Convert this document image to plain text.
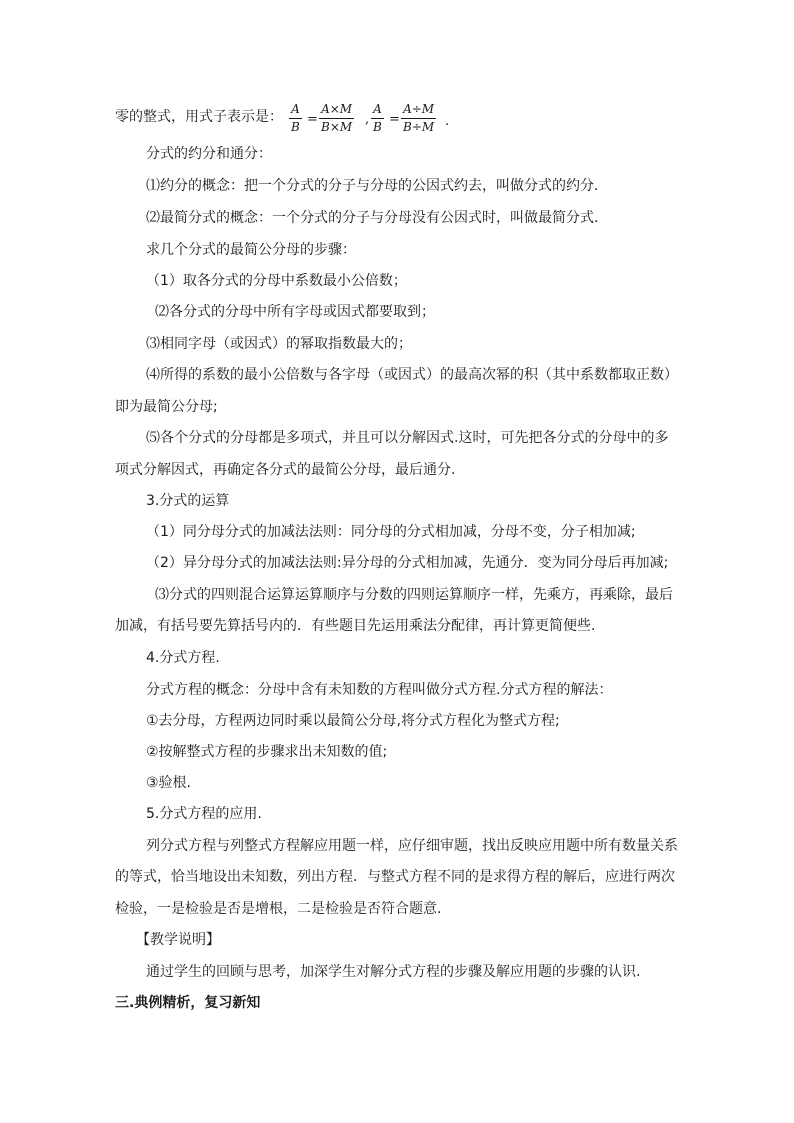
零的整式，用式子表示是： $\frac{A}{B} = \frac{A\times M}{B\times M}$ , $\frac{A}{B} = \frac{A\div M}{B\div M}$ .
分式的约分和通分：
⑴约分的概念：把一个分式的分子与分母的公因式约去，叫做分式的约分．
⑵最简分式的概念：一个分式的分子与分母没有公因式时，叫做最简分式．
求几个分式的最简公分母的步骤：
（1）取各分式的分母中系数最小公倍数；
⑵各分式的分母中所有字母或因式都要取到；
⑶相同字母（或因式）的幂取指数最大的；
⑷所得的系数的最小公倍数与各字母（或因式）的最高次幂的积（其中系数都取正数）
即为最简公分母;
⑸各个分式的分母都是多项式，并且可以分解因式.这时，可先把各分式的分母中的多
项式分解因式，再确定各分式的最简公分母，最后通分.
3.分式的运算
（1）同分母分式的加减法法则：同分母的分式相加减，分母不变，分子相加减;
（2）异分母分式的加减法法则:异分母的分式相加减，先通分．变为同分母后再加减;
⑶分式的四则混合运算运算顺序与分数的四则运算顺序一样，先乘方，再乘除，最后
加减，有括号要先算括号内的．有些题目先运用乘法分配律，再计算更简便些.
4.分式方程.
分式方程的概念：分母中含有未知数的方程叫做分式方程.分式方程的解法：
①去分母，方程两边同时乘以最简公分母,将分式方程化为整式方程;
②按解整式方程的步骤求出未知数的值;
③验根.
5.分式方程的应用.
列分式方程与列整式方程解应用题一样，应仔细审题，找出反映应用题中所有数量关系
的等式，恰当地设出未知数，列出方程．与整式方程不同的是求得方程的解后，应进行两次
检验，一是检验是否是增根，二是检验是否符合题意.
【教学说明】
通过学生的回顾与思考，加深学生对解分式方程的步骤及解应用题的步骤的认识.
三.典例精析，复习新知
